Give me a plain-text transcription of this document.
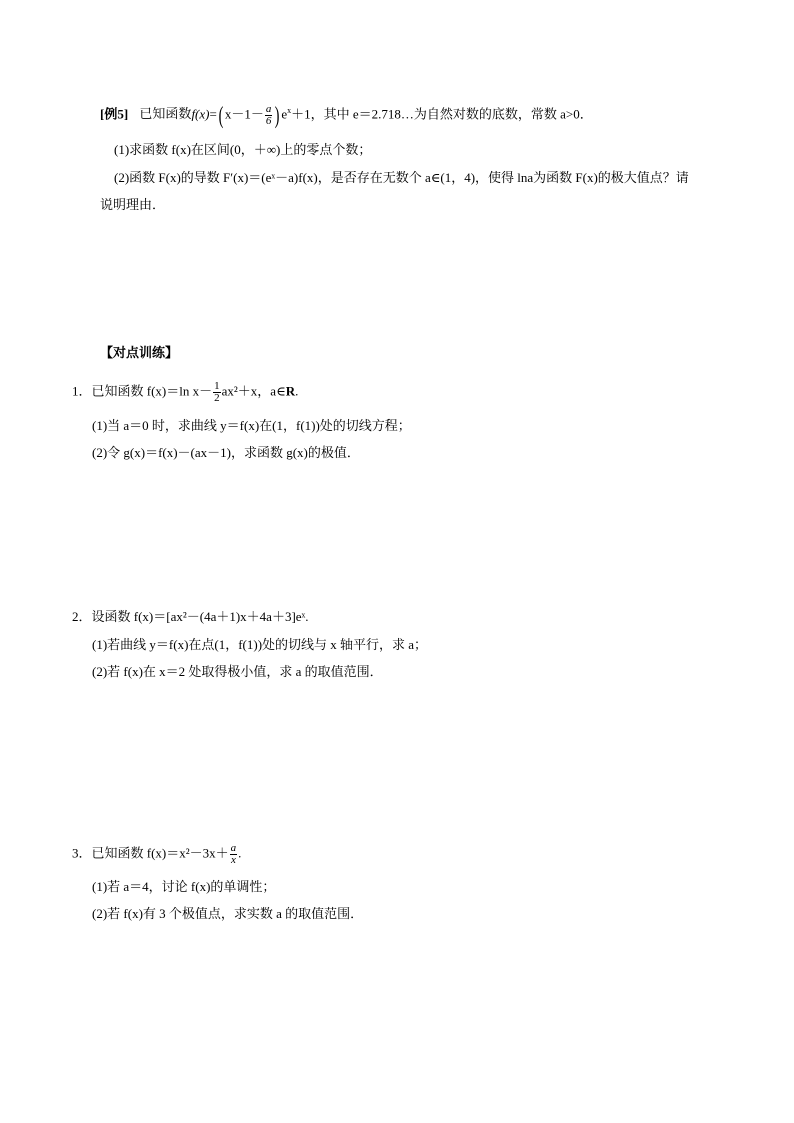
[例5] 已知函数f(x)=( $x-1- \frac{a}{6}$ ) $e^x+1$，其中 e＝2.718…为自然对数的底数，常数 a>0．
(1)求函数 f(x)在区间(0，＋∞)上的零点个数；
(2)函数 F(x)的导数 F′(x)＝(eˣ－a)f(x)，是否存在无数个 a∈(1，4)，使得 lna为函数 F(x)的极大值点？请
说明理由．
【对点训练】
1．已知函数 f(x)＝ln $x- \frac{1}{2} ax^2+x$，a∈R.
(1)当 a＝0 时，求曲线 y＝f(x)在(1，f(1))处的切线方程；
(2)令 g(x)＝f(x)－(ax－1)，求函数 g(x)的极值．
2．设函数 f(x)＝[ax²－(4a＋1)x＋4a＋3]eˣ.
(1)若曲线 y＝f(x)在点(1，f(1))处的切线与 x 轴平行，求 a；
(2)若 f(x)在 x＝2 处取得极小值，求 a 的取值范围．
3．已知函数 $f(x)=x^2-3x+ \frac{a}{x}$ .
(1)若 a＝4，讨论 f(x)的单调性；
(2)若 f(x)有 3 个极值点，求实数 a 的取值范围．
